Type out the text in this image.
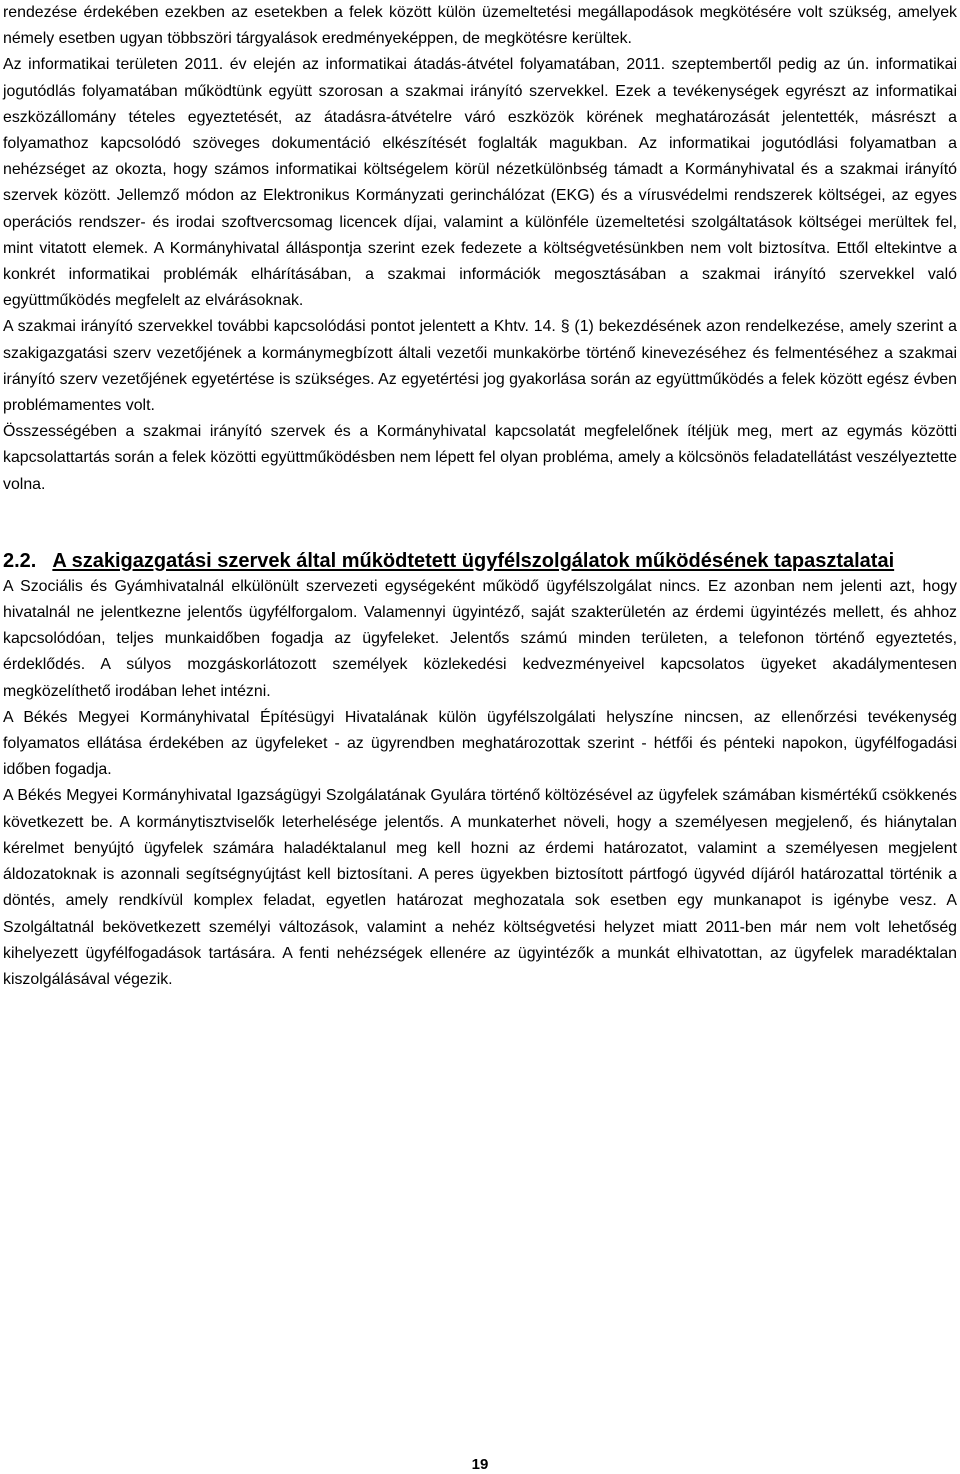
rendezése érdekében ezekben az esetekben a felek között külön üzemeltetési megállapodások megkötésére volt szükség, amelyek némely esetben ugyan többszöri tárgyalások eredményeképpen, de megkötésre kerültek.

Az informatikai területen 2011. év elején az informatikai átadás-átvétel folyamatában, 2011. szeptembertől pedig az ún. informatikai jogutódlás folyamatában működtünk együtt szorosan a szakmai irányító szervekkel. Ezek a tevékenységek egyrészt az informatikai eszközállomány tételes egyeztetését, az átadásra-átvételre váró eszközök körének meghatározását jelentették, másrészt a folyamathoz kapcsolódó szöveges dokumentáció elkészítését foglalták magukban. Az informatikai jogutódlási folyamatban a nehézséget az okozta, hogy számos informatikai költségelem körül nézetkülönbség támadt a Kormányhivatal és a szakmai irányító szervek között. Jellemző módon az Elektronikus Kormányzati gerinchálózat (EKG) és a vírusvédelmi rendszerek költségei, az egyes operációs rendszer- és irodai szoftvercsomag licencek díjai, valamint a különféle üzemeltetési szolgáltatások költségei merültek fel, mint vitatott elemek. A Kormányhivatal álláspontja szerint ezek fedezete a költségvetésünkben nem volt biztosítva. Ettől eltekintve a konkrét informatikai problémák elhárításában, a szakmai információk megosztásában a szakmai irányító szervekkel való együttműködés megfelelt az elvárásoknak.

A szakmai irányító szervekkel további kapcsolódási pontot jelentett a Khtv. 14. § (1) bekezdésének azon rendelkezése, amely szerint a szakigazgatási szerv vezetőjének a kormánymegbízott általi vezetői munkakörbe történő kinevezéséhez és felmentéséhez a szakmai irányító szerv vezetőjének egyetértése is szükséges. Az egyetértési jog gyakorlása során az együttműködés a felek között egész évben problémamentes volt.

Összességében a szakmai irányító szervek és a Kormányhivatal kapcsolatát megfelelőnek ítéljük meg, mert az egymás közötti kapcsolattartás során a felek közötti együttműködésben nem lépett fel olyan probléma, amely a kölcsönös feladatellátást veszélyeztette volna.

2.2. A szakigazgatási szervek által működtetett ügyfélszolgálatok működésének tapasztalatai

A Szociális és Gyámhivatalnál elkülönült szervezeti egységeként működő ügyfélszolgálat nincs. Ez azonban nem jelenti azt, hogy hivatalnál ne jelentkezne jelentős ügyfélforgalom. Valamennyi ügyintéző, saját szakterületén az érdemi ügyintézés mellett, és ahhoz kapcsolódóan, teljes munkaidőben fogadja az ügyfeleket. Jelentős számú minden területen, a telefonon történő egyeztetés, érdeklődés. A súlyos mozgáskorlátozott személyek közlekedési kedvezményeivel kapcsolatos ügyeket akadálymentesen megközelíthető irodában lehet intézni.

A Békés Megyei Kormányhivatal Építésügyi Hivatalának külön ügyfélszolgálati helyszíne nincsen, az ellenőrzési tevékenység folyamatos ellátása érdekében az ügyfeleket - az ügyrendben meghatározottak szerint - hétfői és pénteki napokon, ügyfélfogadási időben fogadja.

A Békés Megyei Kormányhivatal Igazságügyi Szolgálatának Gyulára történő költözésével az ügyfelek számában kismértékű csökkenés következett be. A kormánytisztviselők leterhelésége jelentős. A munkaterhet növeli, hogy a személyesen megjelenő, és hiánytalan kérelmet benyújtó ügyfelek számára haladéktalanul meg kell hozni az érdemi határozatot, valamint a személyesen megjelent áldozatoknak is azonnali segítségnyújtást kell biztosítani. A peres ügyekben biztosított pártfogó ügyvéd díjáról határozattal történik a döntés, amely rendkívül komplex feladat, egyetlen határozat meghozatala sok esetben egy munkanapot is igénybe vesz. A Szolgáltatnál bekövetkezett személyi változások, valamint a nehéz költségvetési helyzet miatt 2011-ben már nem volt lehetőség kihelyezett ügyfélfogadások tartására. A fenti nehézségek ellenére az ügyintézők a munkát elhivatottan, az ügyfelek maradéktalan kiszolgálásával végezik.

19
